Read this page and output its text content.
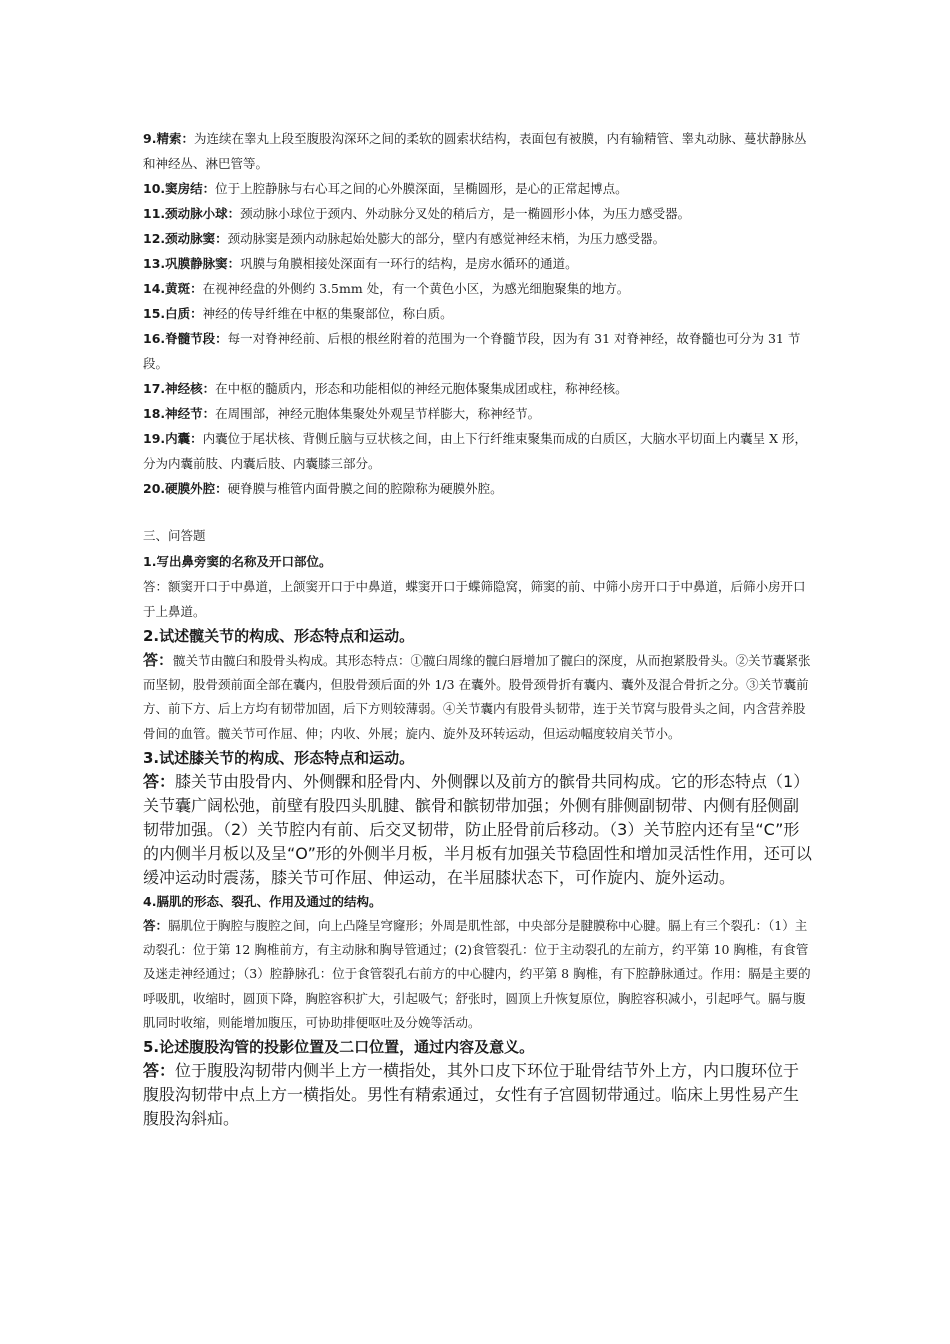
9.精索：为连续在睾丸上段至腹股沟深环之间的柔软的圆索状结构，表面包有被膜，内有输精管、睾丸动脉、蔓状静脉丛和神经丛、淋巴管等。

10.窦房结：位于上腔静脉与右心耳之间的心外膜深面，呈椭圆形，是心的正常起博点。

11.颈动脉小球：颈动脉小球位于颈内、外动脉分叉处的稍后方，是一椭圆形小体，为压力感受器。

12.颈动脉窦：颈动脉窦是颈内动脉起始处膨大的部分，壁内有感觉神经末梢，为压力感受器。

13.巩膜静脉窦：巩膜与角膜相接处深面有一环行的结构，是房水循环的通道。

14.黄斑：在视神经盘的外侧约 3.5mm 处，有一个黄色小区，为感光细胞聚集的地方。

15.白质：神经的传导纤维在中枢的集聚部位，称白质。

16.脊髓节段：每一对脊神经前、后根的根丝附着的范围为一个脊髓节段，因为有 31 对脊神经，故脊髓也可分为 31 节段。

17.神经核：在中枢的髓质内，形态和功能相似的神经元胞体聚集成团或柱，称神经核。

18.神经节：在周围部，神经元胞体集聚处外观呈节样膨大，称神经节。

19.内囊：内囊位于尾状核、背侧丘脑与豆状核之间，由上下行纤维束聚集而成的白质区，大脑水平切面上内囊呈 X 形，分为内囊前肢、内囊后肢、内囊膝三部分。

20.硬膜外腔：硬脊膜与椎管内面骨膜之间的腔隙称为硬膜外腔。

三、问答题

1.写出鼻旁窦的名称及开口部位。

答：额窦开口于中鼻道，上颌窦开口于中鼻道，蝶窦开口于蝶筛隐窝，筛窦的前、中筛小房开口于中鼻道，后筛小房开口于上鼻道。

2.试述髋关节的构成、形态特点和运动。

答：髋关节由髋臼和股骨头构成。其形态特点：①髋臼周缘的髋臼唇增加了髋臼的深度，从而抱紧股骨头。②关节囊紧张而坚韧，股骨颈前面全部在囊内，但股骨颈后面的外 1/3 在囊外。股骨颈骨折有囊内、囊外及混合骨折之分。③关节囊前方、前下方、后上方均有韧带加固，后下方则较薄弱。④关节囊内有股骨头韧带，连于关节窝与股骨头之间，内含营养股骨间的血管。髋关节可作屈、伸；内收、外展；旋内、旋外及环转运动，但运动幅度较肩关节小。

3.试述膝关节的构成、形态特点和运动。

答：膝关节由股骨内、外侧髁和胫骨内、外侧髁以及前方的髌骨共同构成。它的形态特点（1）关节囊广阔松弛，前壁有股四头肌腱、髌骨和髌韧带加强；外侧有腓侧副韧带、内侧有胫侧副韧带加强。（2）关节腔内有前、后交叉韧带，防止胫骨前后移动。（3）关节腔内还有呈“C”形的内侧半月板以及呈“O”形的外侧半月板，半月板有加强关节稳固性和增加灵活性作用，还可以缓冲运动时震荡，膝关节可作屈、伸运动，在半屈膝状态下，可作旋内、旋外运动。

4.膈肌的形态、裂孔、作用及通过的结构。

答：膈肌位于胸腔与腹腔之间，向上凸隆呈穹窿形；外周是肌性部，中央部分是腱膜称中心腱。膈上有三个裂孔：（1）主动裂孔：位于第 12 胸椎前方，有主动脉和胸导管通过；(2)食管裂孔：位于主动裂孔的左前方，约平第 10 胸椎，有食管及迷走神经通过；（3）腔静脉孔：位于食管裂孔右前方的中心腱内，约平第 8 胸椎，有下腔静脉通过。作用：膈是主要的呼吸肌，收缩时，圆顶下降，胸腔容积扩大，引起吸气；舒张时，圆顶上升恢复原位，胸腔容积减小，引起呼气。膈与腹肌同时收缩，则能增加腹压，可协助排便呕吐及分娩等活动。

5.论述腹股沟管的投影位置及二口位置，通过内容及意义。

答：位于腹股沟韧带内侧半上方一横指处，其外口皮下环位于耻骨结节外上方，内口腹环位于腹股沟韧带中点上方一横指处。男性有精索通过，女性有子宫圆韧带通过。临床上男性易产生腹股沟斜疝。
